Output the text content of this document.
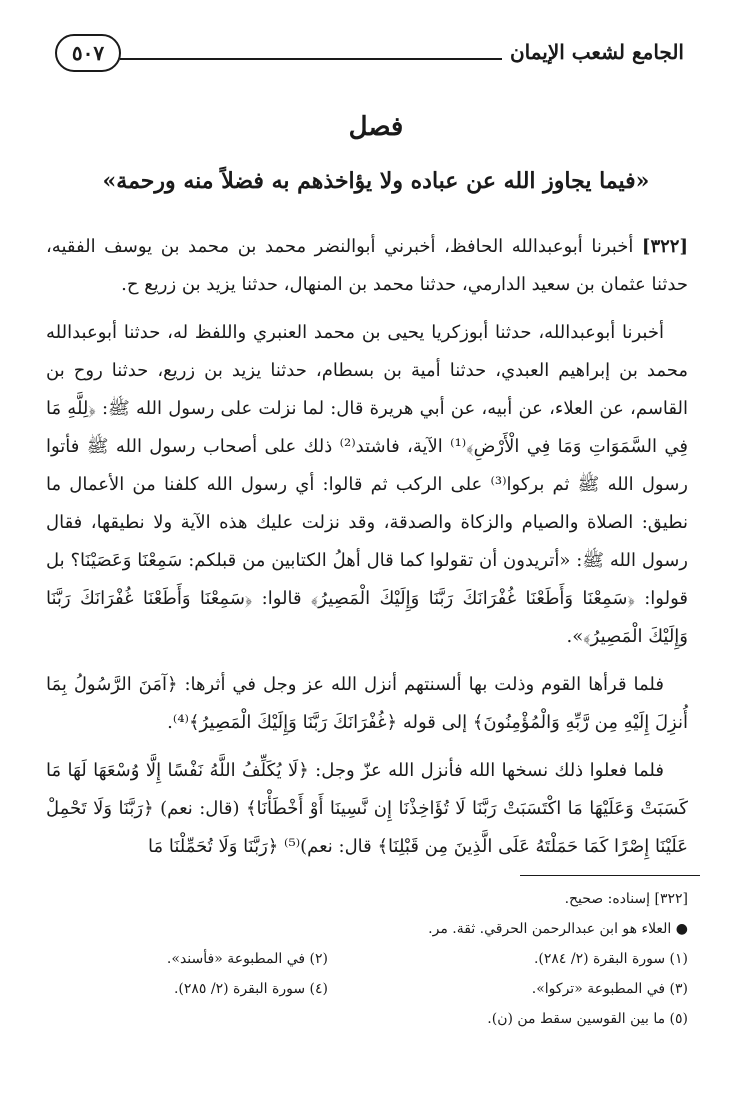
الجامع لشعب الإيمان
٥٠٧
فصل
«فيما يجاوز الله عن عباده ولا يؤاخذهم به فضلاً منه ورحمة»

[٣٢٢] أخبرنا أبوعبدالله الحافظ، أخبرني أبوالنضر محمد بن محمد بن يوسف الفقيه، حدثنا عثمان بن سعيد الدارمي، حدثنا محمد بن المنهال، حدثنا يزيد بن زريع ح.

أخبرنا أبوعبدالله، حدثنا أبوزكريا يحيى بن محمد العنبري واللفظ له، حدثنا أبوعبدالله محمد بن إبراهيم العبدي، حدثنا أمية بن بسطام، حدثنا يزيد بن زريع، حدثنا روح بن القاسم، عن العلاء، عن أبيه، عن أبي هريرة قال: لما نزلت على رسول الله ﷺ: ﴿لِلَّهِ مَا فِي السَّمَوَاتِ وَمَا فِي الْأَرْضِ﴾⁽¹⁾ الآية، فاشتد⁽²⁾ ذلك على أصحاب رسول الله ﷺ فأتوا رسول الله ﷺ ثم بركوا⁽³⁾ على الركب ثم قالوا: أي رسول الله كلفنا من الأعمال ما نطيق: الصلاة والصيام والزكاة والصدقة، وقد نزلت عليك هذه الآية ولا نطيقها، فقال رسول الله ﷺ: «أتريدون أن تقولوا كما قال أهلُ الكتابين من قبلكم: سَمِعْنَا وَعَصَيْنَا؟ بل قولوا: ﴿سَمِعْنَا وَأَطَعْنَا غُفْرَانَكَ رَبَّنَا وَإِلَيْكَ الْمَصِيرُ﴾ قالوا: ﴿سَمِعْنَا وَأَطَعْنَا غُفْرَانَكَ رَبَّنَا وَإِلَيْكَ الْمَصِيرُ﴾».

فلما قرأها القوم وذلت بها ألسنتهم أنزل الله عز وجل في أثرها: ﴿آمَنَ الرَّسُولُ بِمَا أُنزِلَ إِلَيْهِ مِن رَّبِّهِ وَالْمُؤْمِنُونَ﴾ إلى قوله ﴿غُفْرَانَكَ رَبَّنَا وَإِلَيْكَ الْمَصِيرُ﴾⁽⁴⁾.

فلما فعلوا ذلك نسخها الله فأنزل الله عزّ وجل: ﴿لَا يُكَلِّفُ اللَّهُ نَفْسًا إِلَّا وُسْعَهَا لَهَا مَا كَسَبَتْ وَعَلَيْهَا مَا اكْتَسَبَتْ رَبَّنَا لَا تُؤَاخِذْنَا إِن نَّسِينَا أَوْ أَخْطَأْنَا﴾ (قال: نعم) ﴿رَبَّنَا وَلَا تَحْمِلْ عَلَيْنَا إِصْرًا كَمَا حَمَلْتَهُ عَلَى الَّذِينَ مِن قَبْلِنَا﴾ قال: نعم)⁽⁵⁾ ﴿رَبَّنَا وَلَا تُحَمِّلْنَا مَا

[٣٢٢] إسناده: صحيح.
● العلاء هو ابن عبدالرحمن الحرقي. ثقة. مر.
(١) سورة البقرة (٢/ ٢٨٤).
(٢) في المطبوعة «فأسند».
(٣) في المطبوعة «تركوا».
(٤) سورة البقرة (٢/ ٢٨٥).
(٥) ما بين القوسين سقط من (ن).
